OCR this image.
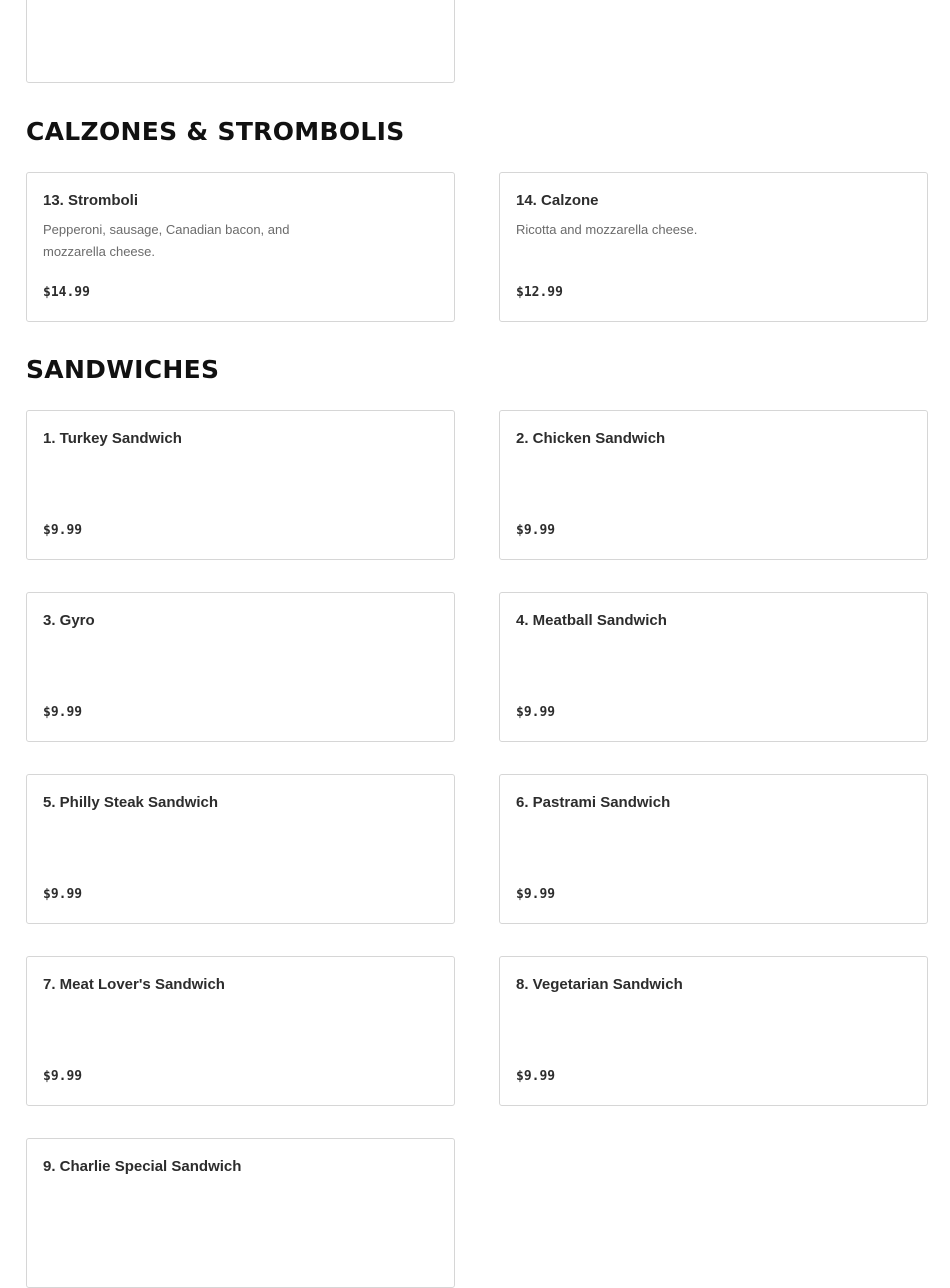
CALZONES & STROMBOLIS
13. Stromboli

Pepperoni, sausage, Canadian bacon, and mozzarella cheese.

$14.99
14. Calzone

Ricotta and mozzarella cheese.

$12.99
SANDWICHES
1. Turkey Sandwich
$9.99
2. Chicken Sandwich
$9.99
3. Gyro
$9.99
4. Meatball Sandwich
$9.99
5. Philly Steak Sandwich
$9.99
6. Pastrami Sandwich
$9.99
7. Meat Lover's Sandwich
$9.99
8. Vegetarian Sandwich
$9.99
9. Charlie Special Sandwich
